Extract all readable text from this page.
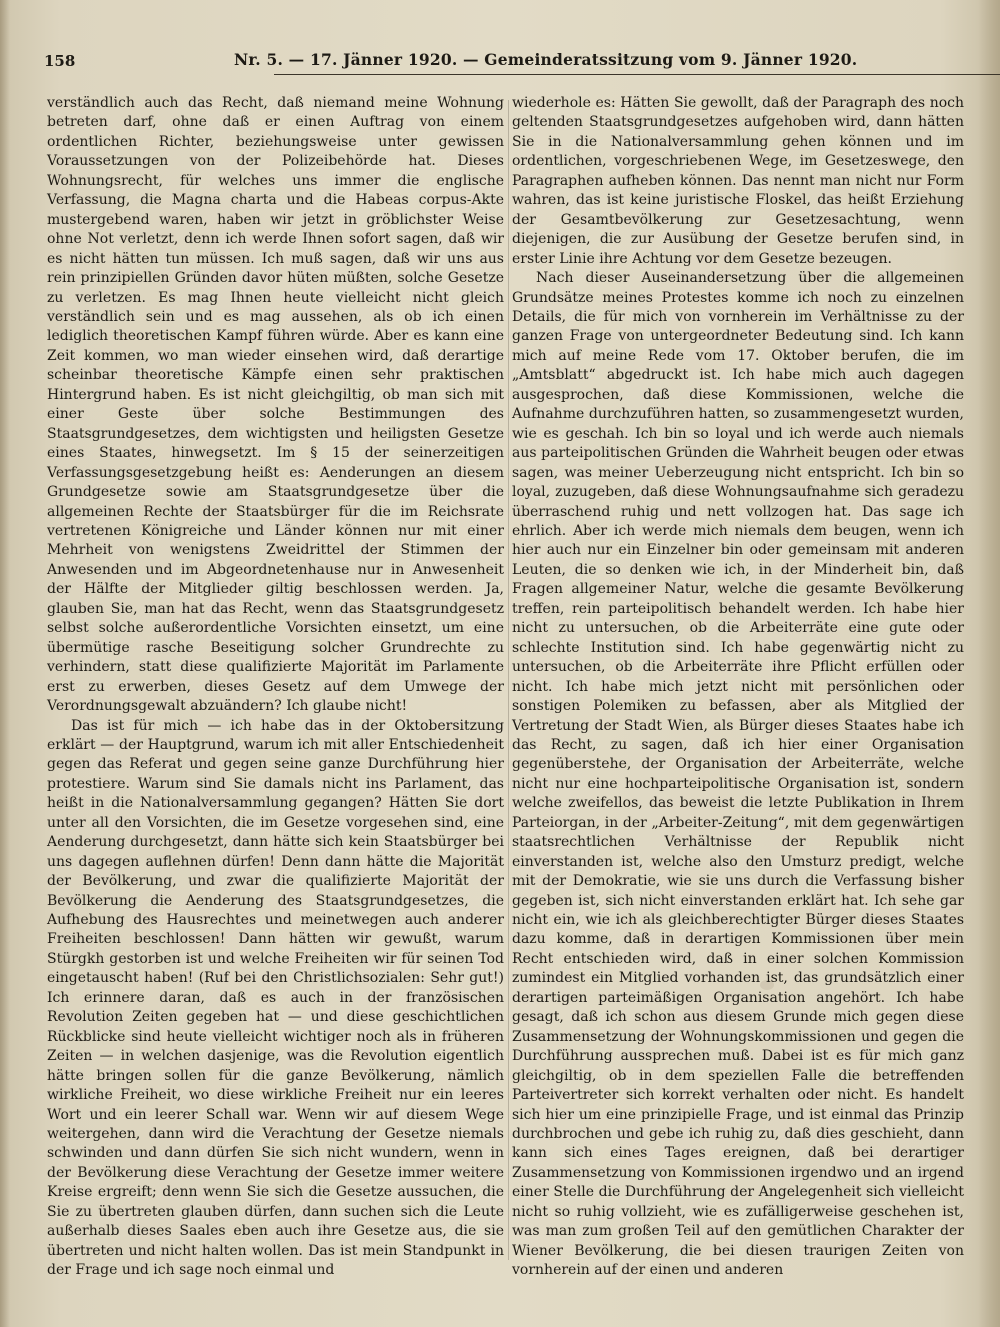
158	Nr. 5. — 17. Jänner 1920. — Gemeinderatssitzung vom 9. Jänner 1920.

verständlich auch das Recht, daß niemand meine Wohnung betreten darf, ohne daß er einen Auftrag von einem ordentlichen Richter, beziehungsweise unter gewissen Voraussetzungen von der Polizeibehörde hat. Dieses Wohnungsrecht, für welches uns immer die englische Verfassung, die Magna charta und die Habeas corpus-Akte mustergebend waren, haben wir jetzt in gröblichster Weise ohne Not verletzt, denn ich werde Ihnen sofort sagen, daß wir es nicht hätten tun müssen. Ich muß sagen, daß wir uns aus rein prinzipiellen Gründen davor hüten müßten, solche Gesetze zu verletzen. Es mag Ihnen heute vielleicht nicht gleich verständlich sein und es mag aussehen, als ob ich einen lediglich theoretischen Kampf führen würde. Aber es kann eine Zeit kommen, wo man wieder einsehen wird, daß derartige scheinbar theoretische Kämpfe einen sehr praktischen Hintergrund haben. Es ist nicht gleichgiltig, ob man sich mit einer Geste über solche Bestimmungen des Staatsgrundgesetzes, dem wichtigsten und heiligsten Gesetze eines Staates, hinwegsetzt. Im § 15 der seinerzeitigen Verfassungsgesetzgebung heißt es: Aenderungen an diesem Grundgesetze sowie am Staatsgrundgesetze über die allgemeinen Rechte der Staatsbürger für die im Reichsrate vertretenen Königreiche und Länder können nur mit einer Mehrheit von wenigstens Zweidrittel der Stimmen der Anwesenden und im Abgeordnetenhause nur in Anwesenheit der Hälfte der Mitglieder giltig beschlossen werden. Ja, glauben Sie, man hat das Recht, wenn das Staatsgrundgesetz selbst solche außerordentliche Vorsichten einsetzt, um eine übermütige rasche Beseitigung solcher Grundrechte zu verhindern, statt diese qualifizierte Majorität im Parlamente erst zu erwerben, dieses Gesetz auf dem Umwege der Verordnungsgewalt abzuändern? Ich glaube nicht!

Das ist für mich — ich habe das in der Oktobersitzung erklärt — der Hauptgrund, warum ich mit aller Entschiedenheit gegen das Referat und gegen seine ganze Durchführung hier protestiere. Warum sind Sie damals nicht ins Parlament, das heißt in die Nationalversammlung gegangen? Hätten Sie dort unter all den Vorsichten, die im Gesetze vorgesehen sind, eine Aenderung durchgesetzt, dann hätte sich kein Staatsbürger bei uns dagegen auflehnen dürfen! Denn dann hätte die Majorität der Bevölkerung, und zwar die qualifizierte Majorität der Bevölkerung die Aenderung des Staatsgrundgesetzes, die Aufhebung des Hausrechtes und meinetwegen auch anderer Freiheiten beschlossen! Dann hätten wir gewußt, warum Stürgkh gestorben ist und welche Freiheiten wir für seinen Tod eingetauscht haben! (Ruf bei den Christlichsozialen: Sehr gut!) Ich erinnere daran, daß es auch in der französischen Revolution Zeiten gegeben hat — und diese geschichtlichen Rückblicke sind heute vielleicht wichtiger noch als in früheren Zeiten — in welchen dasjenige, was die Revolution eigentlich hätte bringen sollen für die ganze Bevölkerung, nämlich wirkliche Freiheit, wo diese wirkliche Freiheit nur ein leeres Wort und ein leerer Schall war. Wenn wir auf diesem Wege weitergehen, dann wird die Verachtung der Gesetze niemals schwinden und dann dürfen Sie sich nicht wundern, wenn in der Bevölkerung diese Verachtung der Gesetze immer weitere Kreise ergreift; denn wenn Sie sich die Gesetze aussuchen, die Sie zu übertreten glauben dürfen, dann suchen sich die Leute außerhalb dieses Saales eben auch ihre Gesetze aus, die sie übertreten und nicht halten wollen. Das ist mein Standpunkt in der Frage und ich sage noch einmal und

wiederhole es: Hätten Sie gewollt, daß der Paragraph des noch geltenden Staatsgrundgesetzes aufgehoben wird, dann hätten Sie in die Nationalversammlung gehen können und im ordentlichen, vorgeschriebenen Wege, im Gesetzeswege, den Paragraphen aufheben können. Das nennt man nicht nur Form wahren, das ist keine juristische Floskel, das heißt Erziehung der Gesamtbevölkerung zur Gesetzesachtung, wenn diejenigen, die zur Ausübung der Gesetze berufen sind, in erster Linie ihre Achtung vor dem Gesetze bezeugen.

Nach dieser Auseinandersetzung über die allgemeinen Grundsätze meines Protestes komme ich noch zu einzelnen Details, die für mich von vornherein im Verhältnisse zu der ganzen Frage von untergeordneter Bedeutung sind. Ich kann mich auf meine Rede vom 17. Oktober berufen, die im „Amtsblatt“ abgedruckt ist. Ich habe mich auch dagegen ausgesprochen, daß diese Kommissionen, welche die Aufnahme durchzuführen hatten, so zusammengesetzt wurden, wie es geschah. Ich bin so loyal und ich werde auch niemals aus parteipolitischen Gründen die Wahrheit beugen oder etwas sagen, was meiner Ueberzeugung nicht entspricht. Ich bin so loyal, zuzugeben, daß diese Wohnungsaufnahme sich geradezu überraschend ruhig und nett vollzogen hat. Das sage ich ehrlich. Aber ich werde mich niemals dem beugen, wenn ich hier auch nur ein Einzelner bin oder gemeinsam mit anderen Leuten, die so denken wie ich, in der Minderheit bin, daß Fragen allgemeiner Natur, welche die gesamte Bevölkerung treffen, rein parteipolitisch behandelt werden. Ich habe hier nicht zu untersuchen, ob die Arbeiterräte eine gute oder schlechte Institution sind. Ich habe gegenwärtig nicht zu untersuchen, ob die Arbeiterräte ihre Pflicht erfüllen oder nicht. Ich habe mich jetzt nicht mit persönlichen oder sonstigen Polemiken zu befassen, aber als Mitglied der Vertretung der Stadt Wien, als Bürger dieses Staates habe ich das Recht, zu sagen, daß ich hier einer Organisation gegenüberstehe, der Organisation der Arbeiterräte, welche nicht nur eine hochparteipolitische Organisation ist, sondern welche zweifellos, das beweist die letzte Publikation in Ihrem Parteiorgan, in der „Arbeiter-Zeitung“, mit dem gegenwärtigen staatsrechtlichen Verhältnisse der Republik nicht einverstanden ist, welche also den Umsturz predigt, welche mit der Demokratie, wie sie uns durch die Verfassung bisher gegeben ist, sich nicht einverstanden erklärt hat. Ich sehe gar nicht ein, wie ich als gleichberechtigter Bürger dieses Staates dazu komme, daß in derartigen Kommissionen über mein Recht entschieden wird, daß in einer solchen Kommission zumindest ein Mitglied vorhanden ist, das grundsätzlich einer derartigen parteimäßigen Organisation angehört. Ich habe gesagt, daß ich schon aus diesem Grunde mich gegen diese Zusammensetzung der Wohnungskommissionen und gegen die Durchführung aussprechen muß. Dabei ist es für mich ganz gleichgiltig, ob in dem speziellen Falle die betreffenden Parteivertreter sich korrekt verhalten oder nicht. Es handelt sich hier um eine prinzipielle Frage, und ist einmal das Prinzip durchbrochen und gebe ich ruhig zu, daß dies geschieht, dann kann sich eines Tages ereignen, daß bei derartiger Zusammensetzung von Kommissionen irgendwo und an irgend einer Stelle die Durchführung der Angelegenheit sich vielleicht nicht so ruhig vollzieht, wie es zufälligerweise geschehen ist, was man zum großen Teil auf den gemütlichen Charakter der Wiener Bevölkerung, die bei diesen traurigen Zeiten von vornherein auf der einen und anderen
